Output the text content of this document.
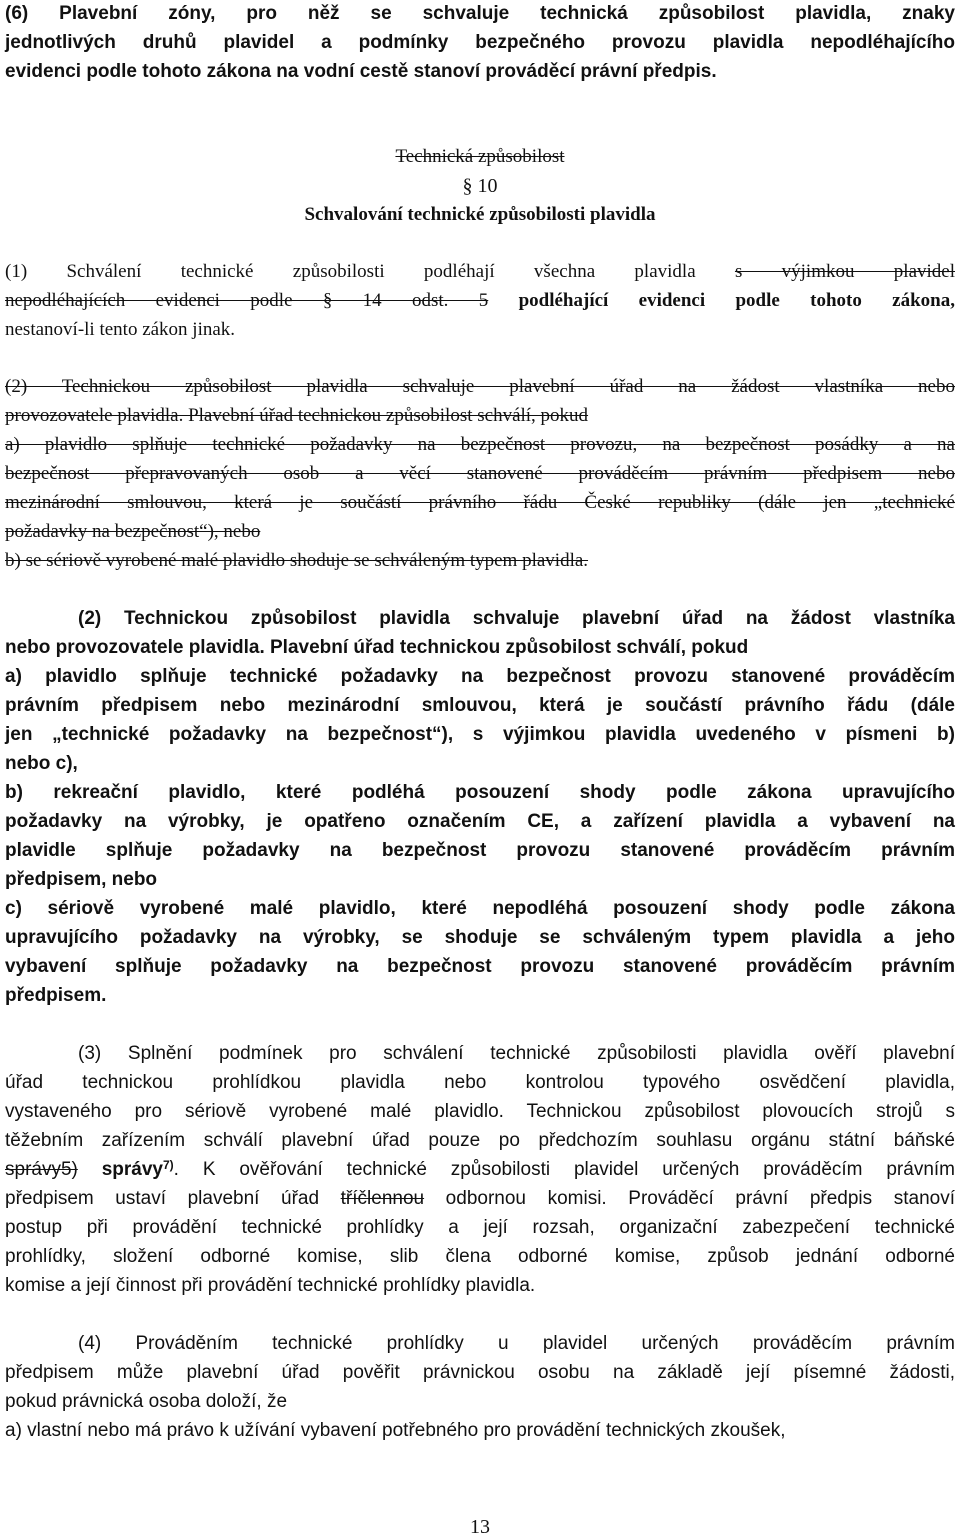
(6) Plavební zóny, pro něž se schvaluje technická způsobilost plavidla, znaky
jednotlivých druhů plavidel a podmínky bezpečného provozu plavidla nepodléhajícího
evidenci podle tohoto zákona na vodní cestě stanoví prováděcí právní předpis.
Technická způsobilost
§ 10
Schvalování technické způsobilosti plavidla
(1) Schválení technické způsobilosti podléhají všechna plavidla s výjimkou plavidel
nepodléhajících evidenci podle § 14 odst. 5 podléhající evidenci podle tohoto zákona,
nestanoví-li tento zákon jinak.
(2) Technickou způsobilost plavidla schvaluje plavební úřad na žádost vlastníka nebo
provozovatele plavidla. Plavební úřad technickou způsobilost schválí, pokud
a) plavidlo splňuje technické požadavky na bezpečnost provozu, na bezpečnost posádky a na
bezpečnost přepravovaných osob a věcí stanovené prováděcím právním předpisem nebo
mezinárodní smlouvou, která je součástí právního řádu České republiky (dále jen „technické
požadavky na bezpečnost“), nebo
b) se sériově vyrobené malé plavidlo shoduje se schváleným typem plavidla.
(2) Technickou způsobilost plavidla schvaluje plavební úřad na žádost vlastníka
nebo provozovatele plavidla. Plavební úřad technickou způsobilost schválí, pokud
a) plavidlo splňuje technické požadavky na bezpečnost provozu stanovené prováděcím
právním předpisem nebo mezinárodní smlouvou, která je součástí právního řádu (dále
jen „technické požadavky na bezpečnost“), s výjimkou plavidla uvedeného v písmeni b)
nebo c),
b) rekreační plavidlo, které podléhá posouzení shody podle zákona upravujícího
požadavky na výrobky, je opatřeno označením CE, a zařízení plavidla a vybavení na
plavidle splňuje požadavky na bezpečnost provozu stanovené prováděcím právním
předpisem, nebo
c) sériově vyrobené malé plavidlo, které nepodléhá posouzení shody podle zákona
upravujícího požadavky na výrobky, se shoduje se schváleným typem plavidla a jeho
vybavení splňuje požadavky na bezpečnost provozu stanovené prováděcím právním
předpisem.
(3) Splnění podmínek pro schválení technické způsobilosti plavidla ověří plavební
úřad technickou prohlídkou plavidla nebo kontrolou typového osvědčení plavidla,
vystaveného pro sériově vyrobené malé plavidlo. Technickou způsobilost plovoucích strojů s
těžebním zařízením schválí plavební úřad pouze po předchozím souhlasu orgánu státní báňské
správy5) správy$^{7)}$. K ověřování technické způsobilosti plavidel určených prováděcím právním
předpisem ustaví plavební úřad tříčlennou odbornou komisi. Prováděcí právní předpis stanoví
postup při provádění technické prohlídky a její rozsah, organizační zabezpečení technické
prohlídky, složení odborné komise, slib člena odborné komise, způsob jednání odborné
komise a její činnost při provádění technické prohlídky plavidla.
(4) Prováděním technické prohlídky u plavidel určených prováděcím právním
předpisem může plavební úřad pověřit právnickou osobu na základě její písemné žádosti,
pokud právnická osoba doloží, že
a) vlastní nebo má právo k užívání vybavení potřebného pro provádění technických zkoušek,
13
